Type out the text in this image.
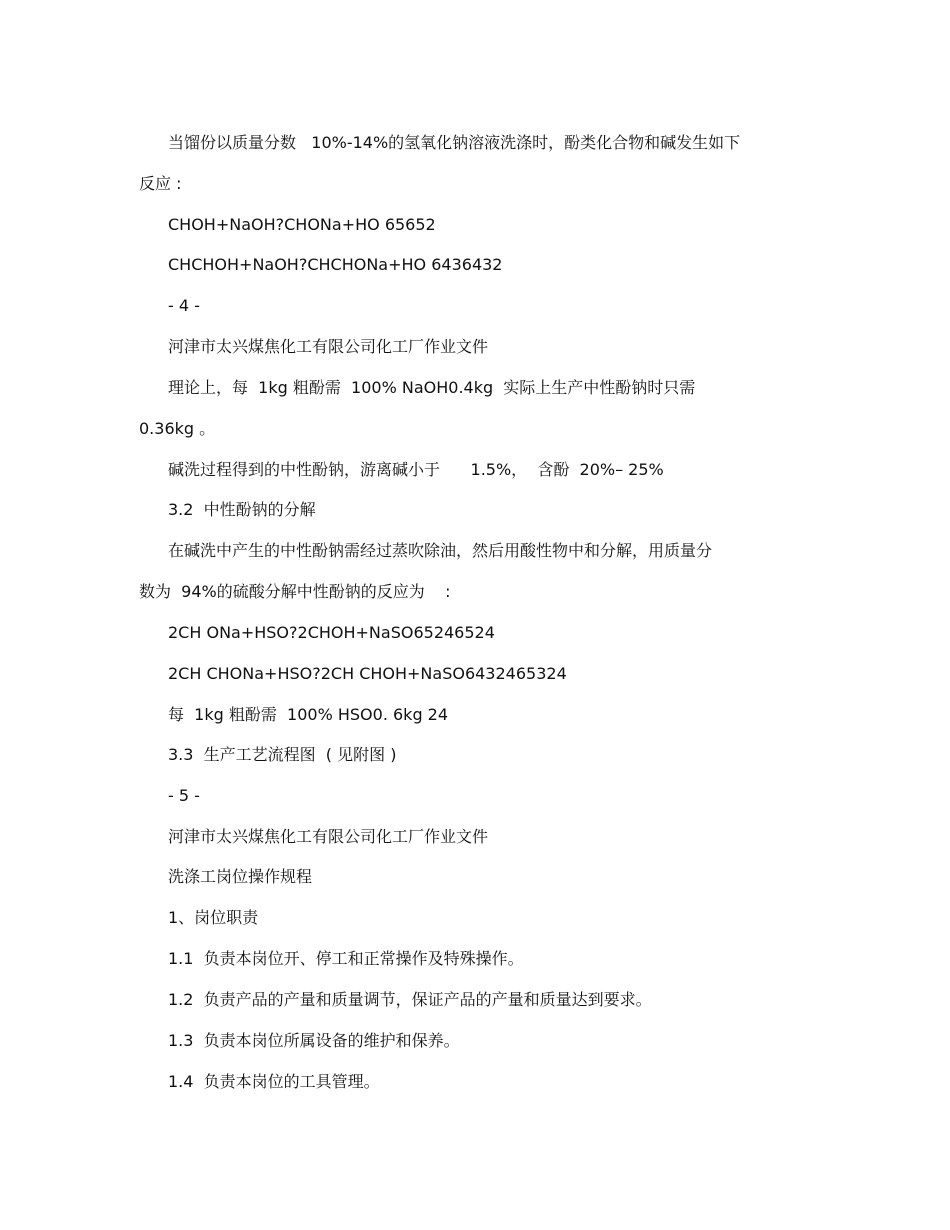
当馏份以质量分数   10%-14%的氢氧化钠溶液洗涤时，酚类化合物和碱发生如下
反应 :
CHOH+NaOH?CHONa+HO 65652
CHCHOH+NaOH?CHCHONa+HO 6436432
- 4 -
河津市太兴煤焦化工有限公司化工厂作业文件
理论上，每  1kg 粗酚需  100% NaOH0.4kg  实际上生产中性酚钠时只需
0.36kg 。
碱洗过程得到的中性酚钠，游离碱小于      1.5%，  含酚  20%– 25%
3.2  中性酚钠的分解
在碱洗中产生的中性酚钠需经过蒸吹除油，然后用酸性物中和分解，用质量分
数为  94%的硫酸分解中性酚钠的反应为    :
2CH ONa+HSO?2CHOH+NaSO65246524
2CH CHONa+HSO?2CH CHOH+NaSO6432465324
每  1kg 粗酚需  100% HSO0. 6kg 24
3.3  生产工艺流程图  ( 见附图 )
- 5 -
河津市太兴煤焦化工有限公司化工厂作业文件
洗涤工岗位操作规程
1、岗位职责
1.1  负责本岗位开、停工和正常操作及特殊操作。
1.2  负责产品的产量和质量调节，保证产品的产量和质量达到要求。
1.3  负责本岗位所属设备的维护和保养。
1.4  负责本岗位的工具管理。
